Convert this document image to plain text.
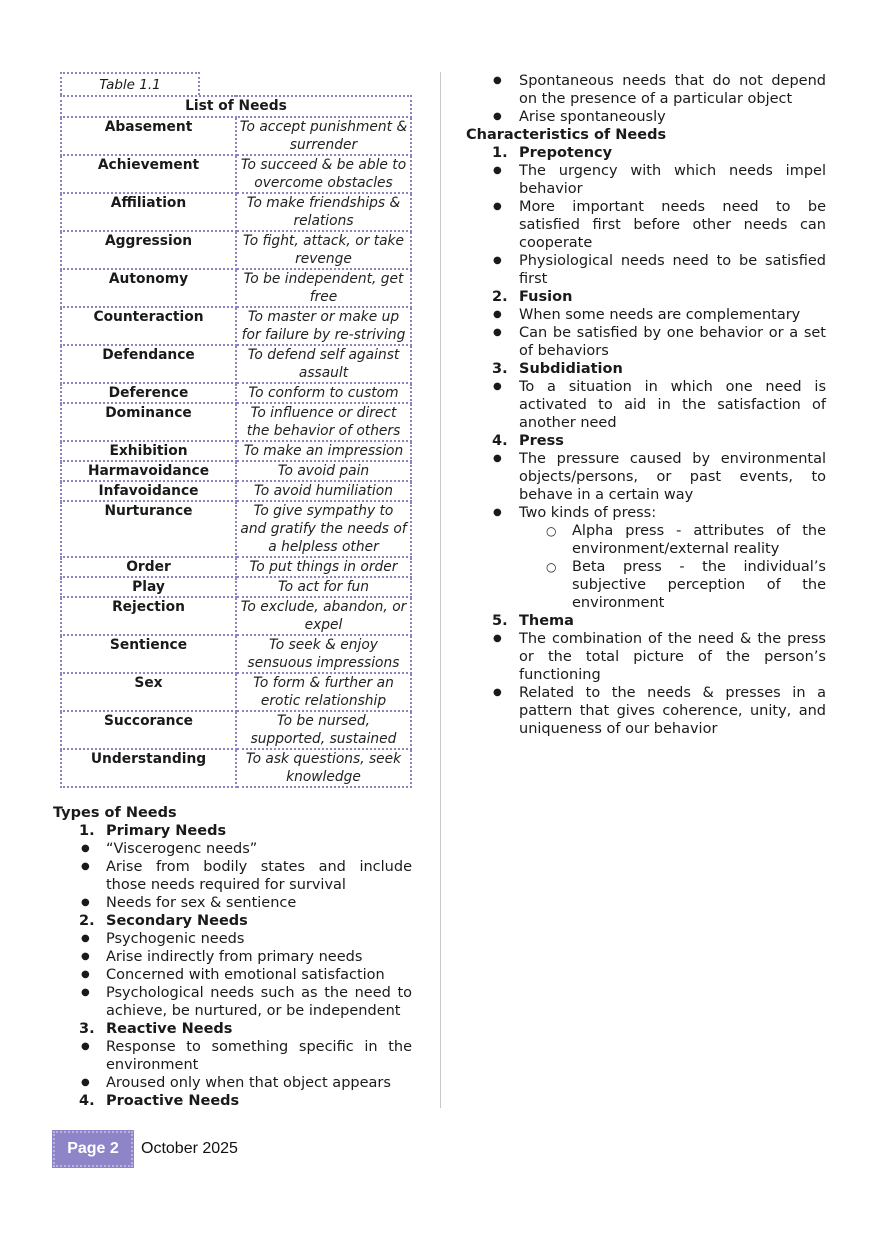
Table 1.1
List of Needs	
Abasement	To accept punishment & surrender
Achievement	To succeed & be able to overcome obstacles
Affiliation	To make friendships & relations
Aggression	To fight, attack, or take revenge
Autonomy	To be independent, get free
Counteraction	To master or make up for failure by re-striving
Defendance	To defend self against assault
Deference	To conform to custom
Dominance	To influence or direct the behavior of others
Exhibition	To make an impression
Harmavoidance	To avoid pain
Infavoidance	To avoid humiliation
Nurturance	To give sympathy to and gratify the needs of a helpless other
Order	To put things in order
Play	To act for fun
Rejection	To exclude, abandon, or expel
Sentience	To seek & enjoy sensuous impressions
Sex	To form & further an erotic relationship
Succorance	To be nursed, supported, sustained
Understanding	To ask questions, seek knowledge
Types of Needs
1. Primary Needs
● “Viscerogenc needs”
● Arise from bodily states and include those needs required for survival
● Needs for sex & sentience
2. Secondary Needs
● Psychogenic needs
● Arise indirectly from primary needs
● Concerned with emotional satisfaction
● Psychological needs such as the need to achieve, be nurtured, or be independent
3. Reactive Needs
● Response to something specific in the environment
● Aroused only when that object appears
4. Proactive Needs
● Spontaneous needs that do not depend on the presence of a particular object
● Arise spontaneously
Characteristics of Needs
1. Prepotency
● The urgency with which needs impel behavior
● More important needs need to be satisfied first before other needs can cooperate
● Physiological needs need to be satisfied first
2. Fusion
● When some needs are complementary
● Can be satisfied by one behavior or a set of behaviors
3. Subdidiation
● To a situation in which one need is activated to aid in the satisfaction of another need
4. Press
● The pressure caused by environmental objects/persons, or past events, to behave in a certain way
● Two kinds of press:
○ Alpha press - attributes of the environment/external reality
○ Beta press - the individual’s subjective perception of the environment
5. Thema
● The combination of the need & the press or the total picture of the person’s functioning
● Related to the needs & presses in a pattern that gives coherence, unity, and uniqueness of our behavior
Page 2	October 2025
